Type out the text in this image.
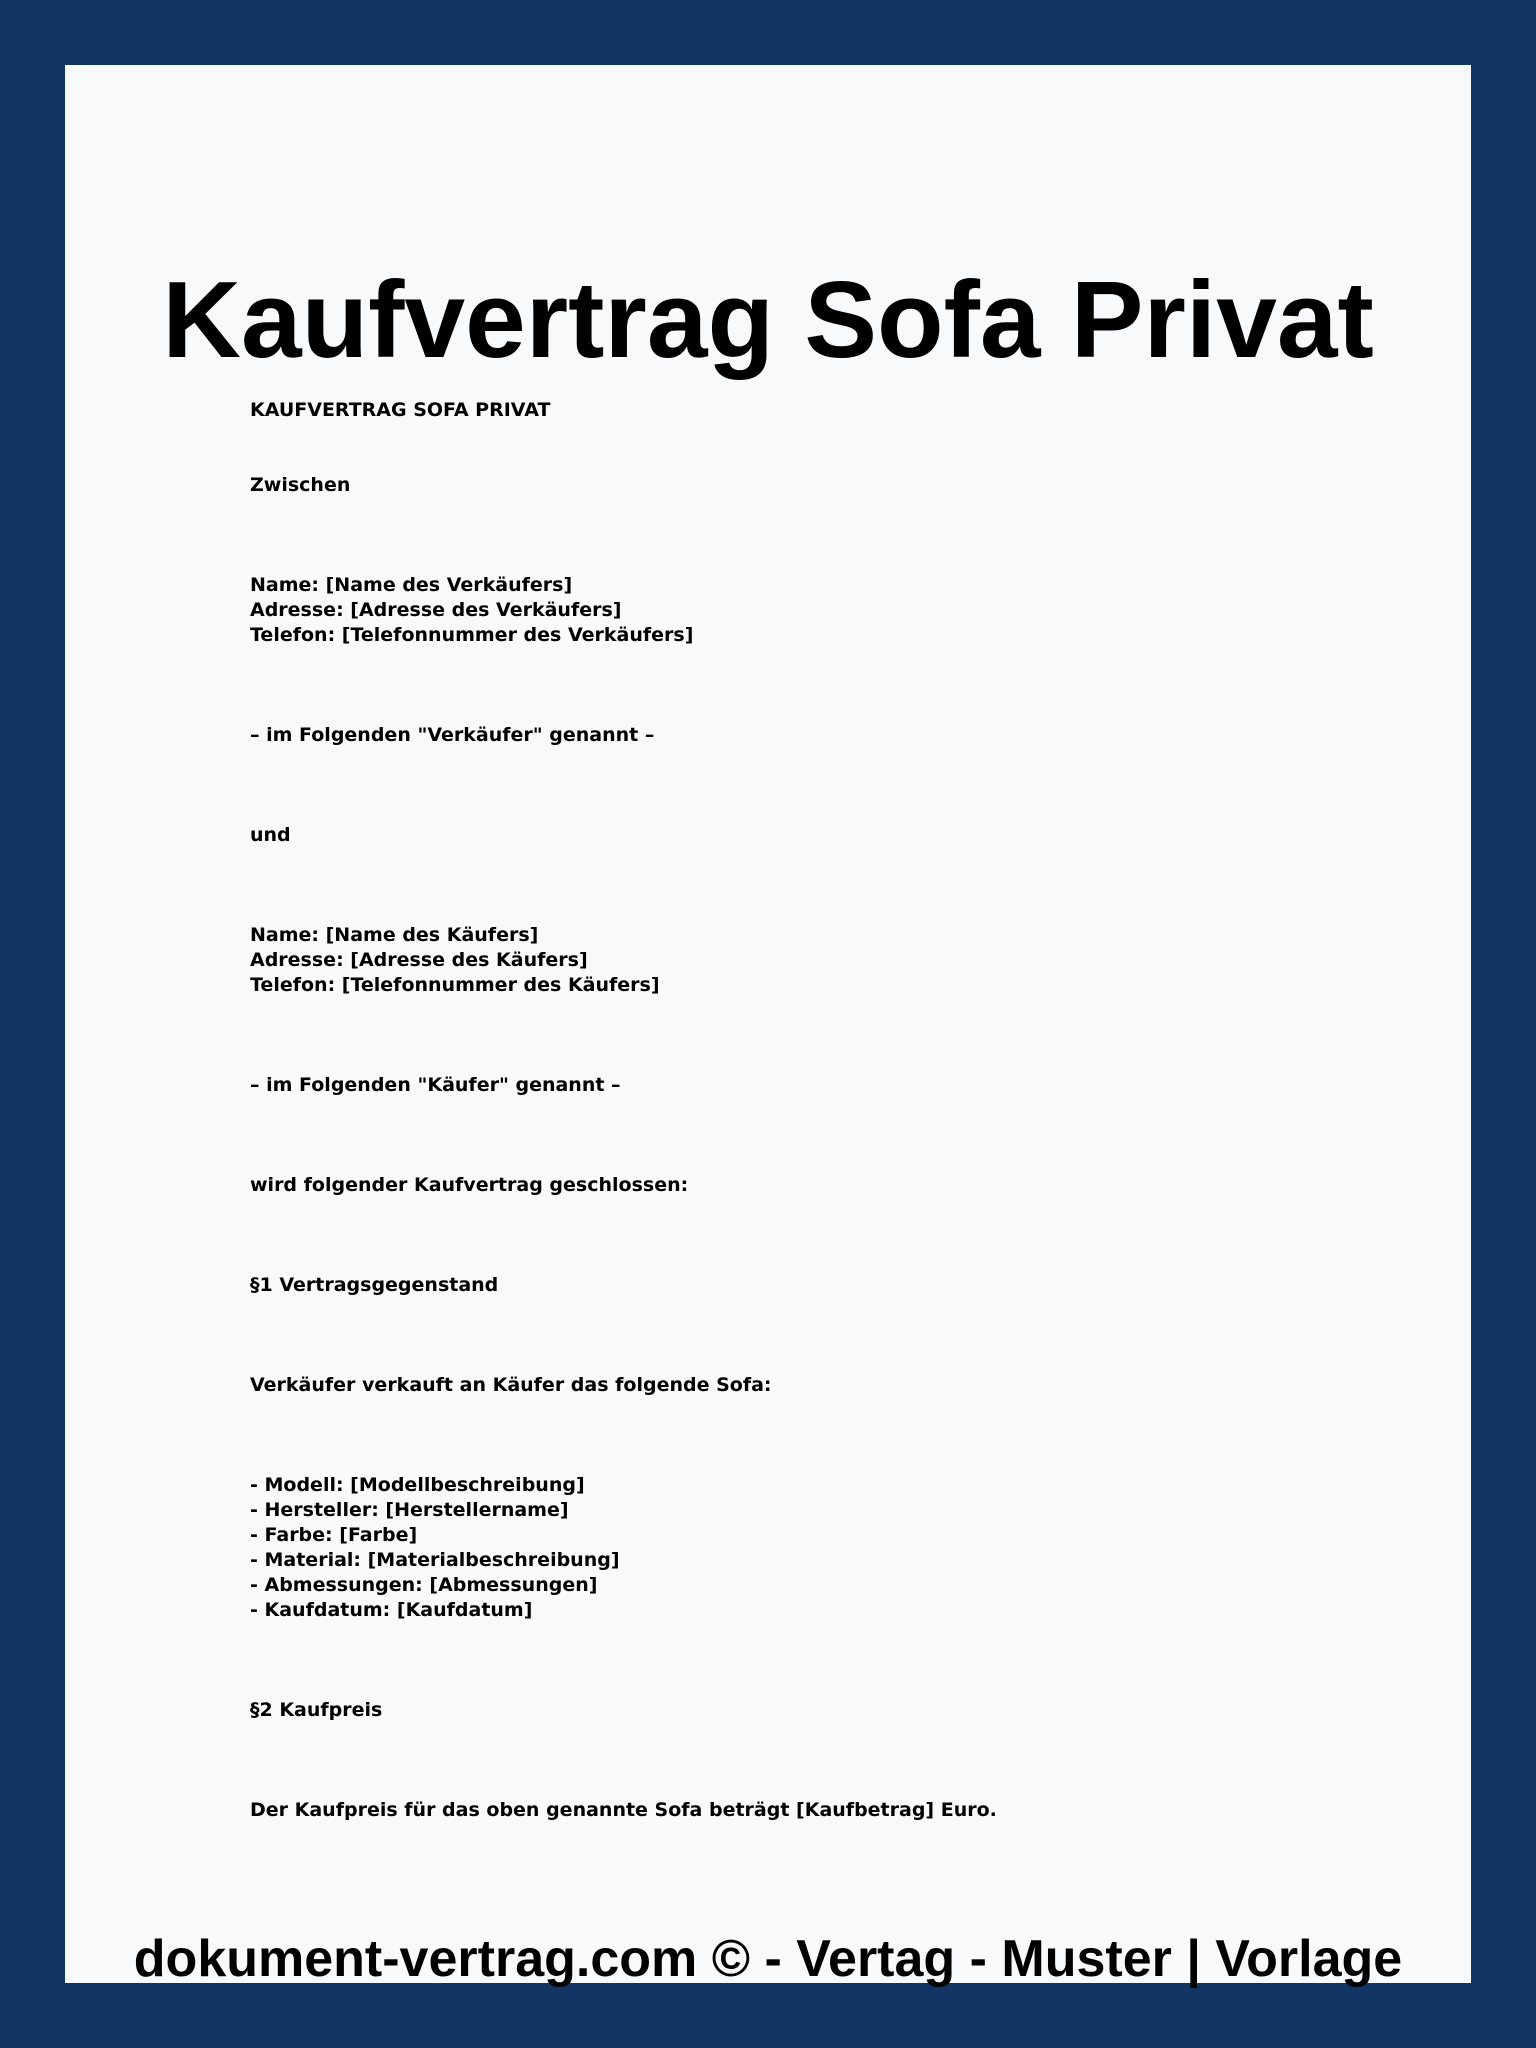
Kaufvertrag Sofa Privat
KAUFVERTRAG SOFA PRIVAT
Zwischen
Name: [Name des Verkäufers]
Adresse: [Adresse des Verkäufers]
Telefon: [Telefonnummer des Verkäufers]
– im Folgenden "Verkäufer" genannt –
und
Name: [Name des Käufers]
Adresse: [Adresse des Käufers]
Telefon: [Telefonnummer des Käufers]
– im Folgenden "Käufer" genannt –
wird folgender Kaufvertrag geschlossen:
§1 Vertragsgegenstand
Verkäufer verkauft an Käufer das folgende Sofa:
- Modell: [Modellbeschreibung]
- Hersteller: [Herstellername]
- Farbe: [Farbe]
- Material: [Materialbeschreibung]
- Abmessungen: [Abmessungen]
- Kaufdatum: [Kaufdatum]
§2 Kaufpreis
Der Kaufpreis für das oben genannte Sofa beträgt [Kaufbetrag] Euro.
dokument-vertrag.com © - Vertag - Muster | Vorlage
